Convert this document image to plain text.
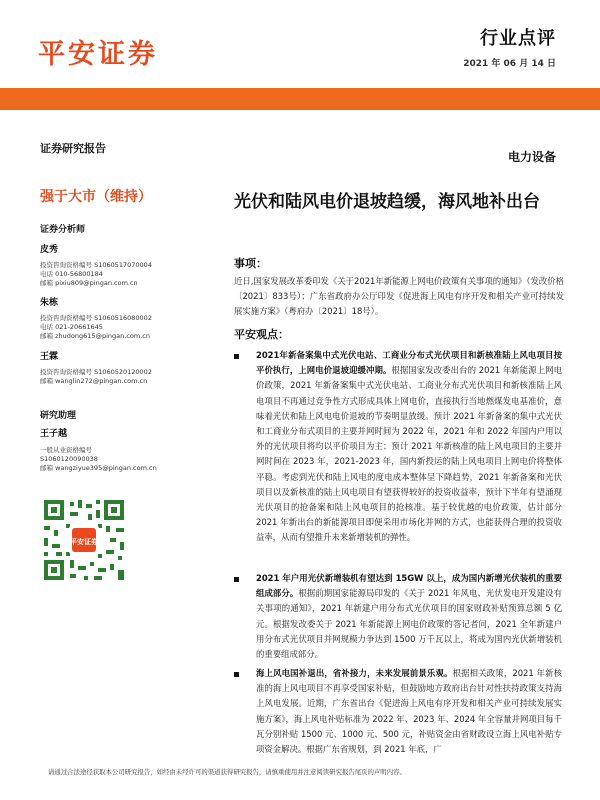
平安证券
行业点评
2021 年 06 月 14 日
证券研究报告
强于大市（维持）
证券分析师
皮秀
投资咨询资格编号 S1060517070004
电话 010-56800184
邮箱 pixiu809@pingan.com.cn
朱栋
投资咨询资格编号 S1060516080002
电话 021-20661645
邮箱 zhudong615@pingan.com.cn
王霖
投资咨询资格编号 S1060520120002
邮箱 wanglin272@pingan.com.cn
研究助理
王子越
一般从业资格编号
S1060120090038
邮箱 wangziyue395@pingan.com.cn
平安证券
电力设备
光伏和陆风电价退坡趋缓，海风地补出台
事项：
近日,国家发展改革委印发《关于2021年新能源上网电价政策有关事项的通知》（发改价格〔2021〕833号）；广东省政府办公厅印发《促进海上风电有序开发和相关产业可持续发展实施方案》（粤府办〔2021〕18号）。
平安观点：
2021年新备案集中式光伏电站、工商业分布式光伏项目和新核准陆上风电项目按平价执行，上网电价退坡迎缓冲期。根据国家发改委出台的 2021 年新能源上网电价政策，2021 年新备案集中式光伏电站、工商业分布式光伏项目和新核准陆上风电项目不再通过竞争性方式形成具体上网电价，直接执行当地燃煤发电基准价，意味着光伏和陆上风电电价退坡的节奏明显放缓。预计 2021 年新备案的集中式光伏和工商业分布式项目的主要并网时间为 2022 年，2021 年和 2022 年国内户用以外的光伏项目将均以平价项目为主；预计 2021 年新核准的陆上风电项目的主要并网时间在 2023 年，2021-2023 年，国内新投运的陆上风电项目上网电价将整体平稳。考虑到光伏和陆上风电的度电成本整体呈下降趋势，2021 年新备案和光伏项目以及新核准的陆上风电项目有望获得较好的投资收益率，预计下半年有望涌现光伏项目的抢备案和陆上风电项目的抢核准。基于较优越的电价政策，估计部分 2021 年新出台的新能源项目即便采用市场化并网的方式，也能获得合理的投资收益率，从而有望推升未来新增装机的弹性。
2021 年户用光伏新增装机有望达到 15GW 以上，成为国内新增光伏装机的重要组成部分。根据前期国家能源局印发的《关于 2021 年风电、光伏发电开发建设有关事项的通知》，2021 年新建户用分布式光伏项目的国家财政补贴预算总额 5 亿元。根据发改委关于 2021 年新能源上网电价政策的答记者问，2021 全年新建户用分布式光伏项目并网规模力争达到 1500 万千瓦以上，将成为国内光伏新增装机的重要组成部分。
海上风电国补退出，省补接力，未来发展前景乐观。根据相关政策，2021 年新核准的海上风电项目不再享受国家补贴，但鼓励地方政府出台针对性扶持政策支持海上风电发展。近期，广东省出台《促进海上风电有序开发和相关产业可持续发展实施方案》，海上风电补贴标准为 2022 年、2023 年、2024 年全容量并网项目每千瓦分别补贴 1500 元、1000 元、500 元，补贴资金由省财政设立海上风电补贴专项资金解决。根据广东省规划，到 2021 年底，广
请通过合法途径获取本公司研究报告，如经由未经许可的渠道获得研究报告，请慎重使用并注意阅读研究报告尾页的声明内容。
